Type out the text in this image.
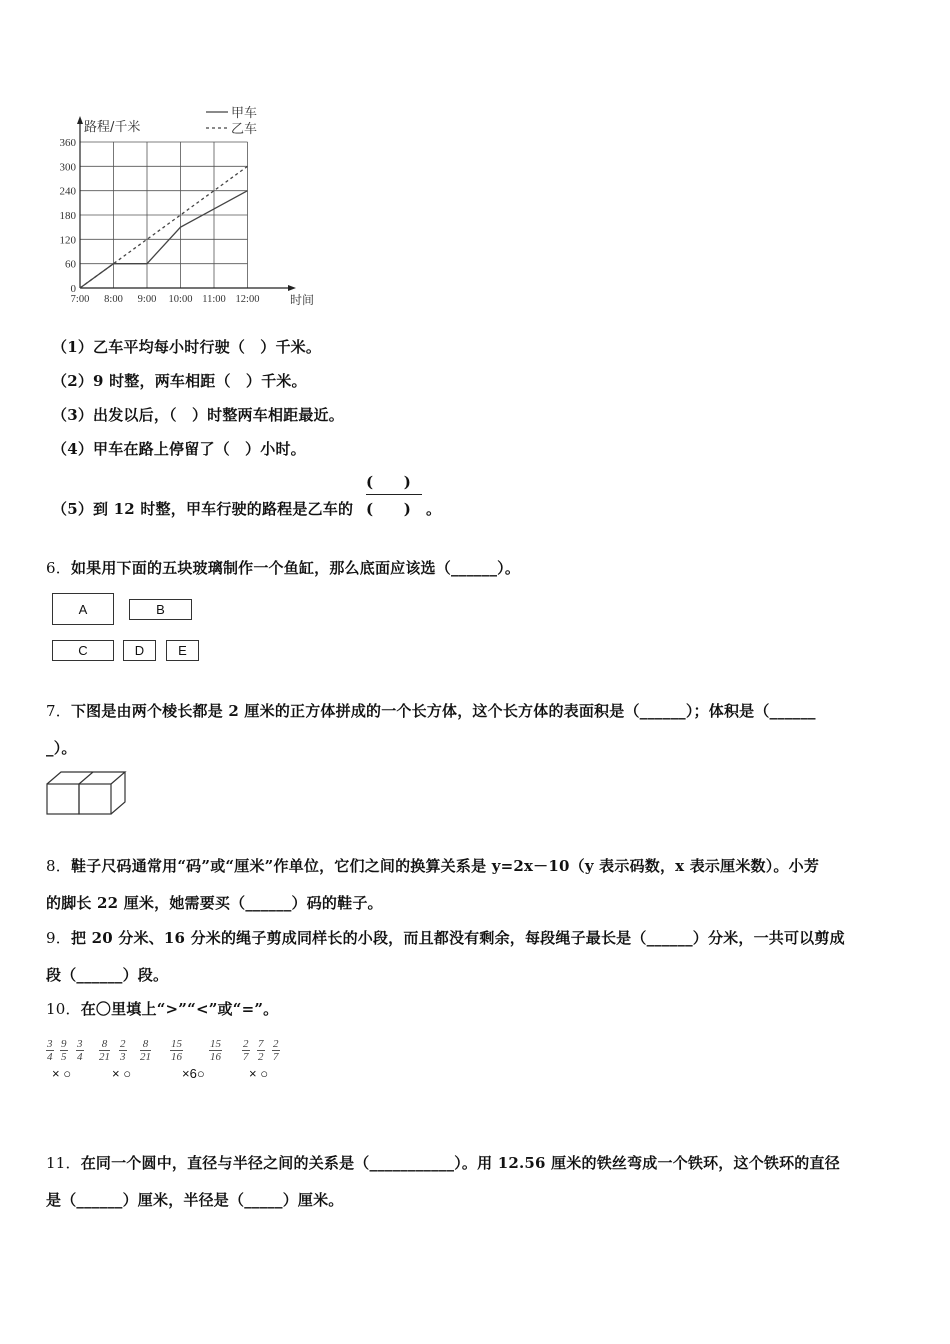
360
300
240
180
120
60
0
7:00 8:00 9:00 10:00 11:00 12:00
路程/千米
时间
甲车
乙车
（1）乙车平均每小时行驶（　）千米。
（2）9 时整，两车相距（　）千米。
（3）出发以后，（　）时整两车相距最近。
（4）甲车在路上停留了（　）小时。
（5）到 12 时整，甲车行驶的路程是乙车的
(　　)
(　　) 。
6．如果用下面的五块玻璃制作一个鱼缸，那么底面应该选（______）。
A	B
C	D	E
7．下图是由两个棱长都是 2 厘米的正方体拼成的一个长方体，这个长方体的表面积是（______）；体积是（______
_）。
8．鞋子尺码通常用“码”或“厘米”作单位，它们之间的换算关系是 y=2x－10（y 表示码数，x 表示厘米数）。小芳
的脚长 22 厘米，她需要买（______）码的鞋子。
9．把 20 分米、16 分米的绳子剪成同样长的小段，而且都没有剩余，每段绳子最长是（______）分米，一共可以剪成
段（______）段。
10．在〇里填上“>”“<”或“=”。
$\frac{3}{4} \frac{9}{5} \frac{3}{4}$
× ○
$\frac{8}{21} \frac{2}{3} \frac{8}{21}$
× ○
$\frac{15}{16} \frac{15}{16}$
×6○
$\frac{2}{7} \frac{7}{2} \frac{2}{7}$
× ○
11．在同一个圆中，直径与半径之间的关系是（___________）。用 12.56 厘米的铁丝弯成一个铁环，这个铁环的直径
是（______）厘米，半径是（_____）厘米。
